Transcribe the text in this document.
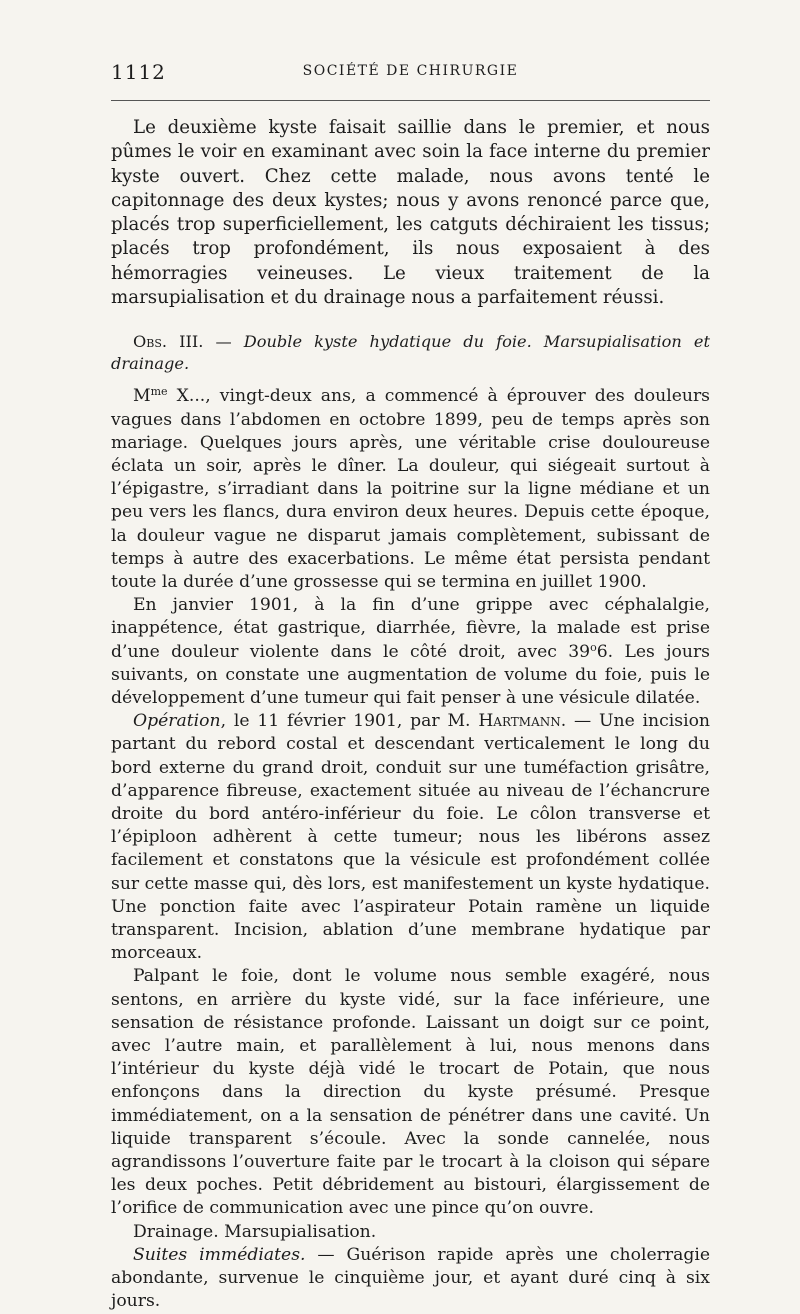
1112	SOCIÉTÉ DE CHIRURGIE

Le deuxième kyste faisait saillie dans le premier, et nous pûmes le voir en examinant avec soin la face interne du premier kyste ouvert. Chez cette malade, nous avons tenté le capitonnage des deux kystes; nous y avons renoncé parce que, placés trop superficiellement, les catguts déchiraient les tissus; placés trop profondément, ils nous exposaient à des hémorragies veineuses. Le vieux traitement de la marsupialisation et du drainage nous a parfaitement réussi.

Obs. III. — Double kyste hydatique du foie. Marsupialisation et drainage.

$M^{me}$ X..., vingt-deux ans, a commencé à éprouver des douleurs vagues dans l’abdomen en octobre 1899, peu de temps après son mariage. Quelques jours après, une véritable crise douloureuse éclata un soir, après le dîner. La douleur, qui siégeait surtout à l’épigastre, s’irradiant dans la poitrine sur la ligne médiane et un peu vers les flancs, dura environ deux heures. Depuis cette époque, la douleur vague ne disparut jamais complètement, subissant de temps à autre des exacerbations. Le même état persista pendant toute la durée d’une grossesse qui se termina en juillet 1900.

En janvier 1901, à la fin d’une grippe avec céphalalgie, inappétence, état gastrique, diarrhée, fièvre, la malade est prise d’une douleur violente dans le côté droit, avec 39$^o$6. Les jours suivants, on constate une augmentation de volume du foie, puis le développement d’une tumeur qui fait penser à une vésicule dilatée.

Opération, le 11 février 1901, par M. Hartmann. — Une incision partant du rebord costal et descendant verticalement le long du bord externe du grand droit, conduit sur une tuméfaction grisâtre, d’apparence fibreuse, exactement située au niveau de l’échancrure droite du bord antéro-inférieur du foie. Le côlon transverse et l’épiploon adhèrent à cette tumeur; nous les libérons assez facilement et constatons que la vésicule est profondément collée sur cette masse qui, dès lors, est manifestement un kyste hydatique. Une ponction faite avec l’aspirateur Potain ramène un liquide transparent. Incision, ablation d’une membrane hydatique par morceaux.

Palpant le foie, dont le volume nous semble exagéré, nous sentons, en arrière du kyste vidé, sur la face inférieure, une sensation de résistance profonde. Laissant un doigt sur ce point, avec l’autre main, et parallèlement à lui, nous menons dans l’intérieur du kyste déjà vidé le trocart de Potain, que nous enfonçons dans la direction du kyste présumé. Presque immédiatement, on a la sensation de pénétrer dans une cavité. Un liquide transparent s’écoule. Avec la sonde cannelée, nous agrandissons l’ouverture faite par le trocart à la cloison qui sépare les deux poches. Petit débridement au bistouri, élargissement de l’orifice de communication avec une pince qu’on ouvre.

Drainage. Marsupialisation.

Suites immédiates. — Guérison rapide après une cholerragie abondante, survenue le cinquième jour, et ayant duré cinq à six jours.
